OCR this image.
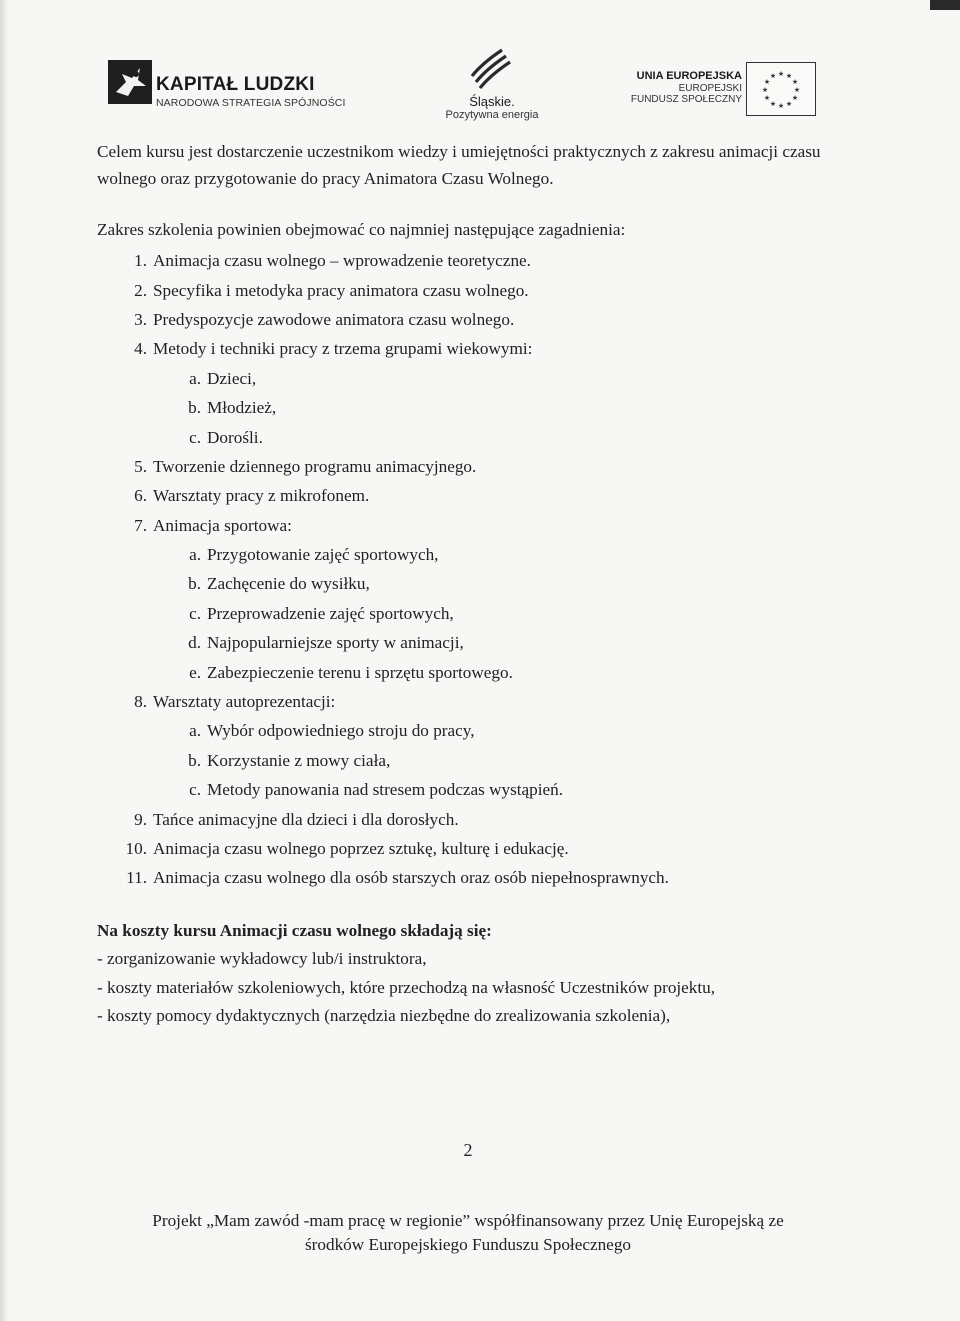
KAPITAŁ LUDZKI
NARODOWA STRATEGIA SPÓJNOŚCI	Śląskie.
Pozytywna energia
UNIA EUROPEJSKA
EUROPEJSKI
FUNDUSZ SPOŁECZNY
★ ★
★
★
★
★
★
★
★
★
★
★

Celem kursu jest dostarczenie uczestnikom wiedzy i umiejętności praktycznych z zakresu animacji czasu wolnego oraz przygotowanie do pracy Animatora Czasu Wolnego.

Zakres szkolenia powinien obejmować co najmniej następujące zagadnienia:

1. Animacja czasu wolnego – wprowadzenie teoretyczne.
2. Specyfika i metodyka pracy animatora czasu wolnego.
3. Predyspozycje zawodowe animatora czasu wolnego.
4. Metody i techniki pracy z trzema grupami wiekowymi:
a. Dzieci,
b. Młodzież,
c. Dorośli.
5. Tworzenie dziennego programu animacyjnego.
6. Warsztaty pracy z mikrofonem.
7. Animacja sportowa:
a. Przygotowanie zajęć sportowych,
b. Zachęcenie do wysiłku,
c. Przeprowadzenie zajęć sportowych,
d. Najpopularniejsze sporty w animacji,
e. Zabezpieczenie terenu i sprzętu sportowego.
8. Warsztaty autoprezentacji:
a. Wybór odpowiedniego stroju do pracy,
b. Korzystanie z mowy ciała,
c. Metody panowania nad stresem podczas wystąpień.
9. Tańce animacyjne dla dzieci i dla dorosłych.
10. Animacja czasu wolnego poprzez sztukę, kulturę i edukację.
11. Animacja czasu wolnego dla osób starszych oraz osób niepełnosprawnych.
Na koszty kursu Animacji czasu wolnego składają się:
- zorganizowanie wykładowcy lub/i instruktora,
- koszty materiałów szkoleniowych, które przechodzą na własność Uczestników projektu,
- koszty pomocy dydaktycznych (narzędzia niezbędne do zrealizowania szkolenia),
2
Projekt „Mam zawód -mam pracę w regionie” współfinansowany przez Unię Europejską ze
środków Europejskiego Funduszu Społecznego
